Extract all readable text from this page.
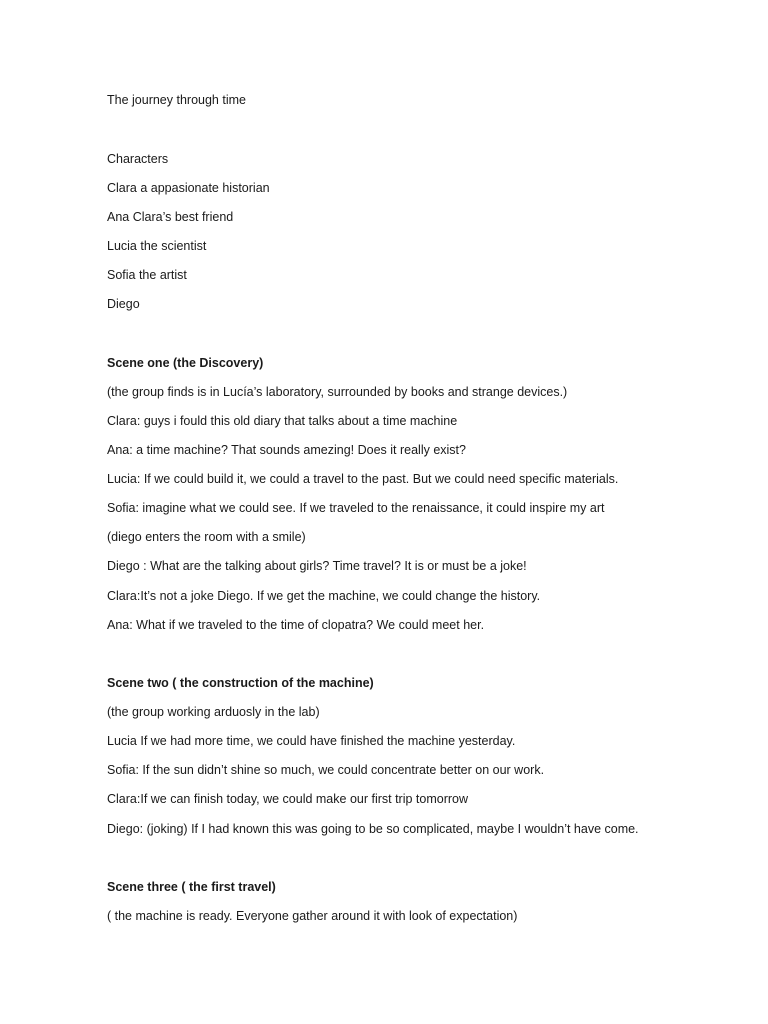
The journey through time
Characters
Clara a appasionate historian
Ana Clara’s best friend
Lucia the scientist
Sofia the artist
Diego
Scene one (the Discovery)
(the group finds is in Lucía’s laboratory, surrounded by books and strange devices.)
Clara: guys i fould this old diary that talks about a time machine
Ana: a time machine? That sounds amezing! Does it really exist?
Lucia: If we could build it, we could a travel to the past. But we could need specific materials.
Sofia: imagine what we could see. If we traveled to the renaissance, it could inspire my art
(diego enters the room with a smile)
Diego : What are the talking about girls? Time travel? It is or must be a joke!
Clara:It’s not a joke Diego. If we get the machine, we could change the history.
Ana: What if we traveled to the time of clopatra? We could meet her.
Scene two ( the construction of the machine)
(the group working arduosly in the lab)
Lucia If we had more time, we could have finished the machine yesterday.
Sofia: If the sun didn’t shine so much, we could concentrate better on our work.
Clara:If we can finish today, we could make our first trip tomorrow
Diego: (joking) If I had known this was going to be so complicated, maybe I wouldn’t have come.
Scene three ( the first travel)
( the machine is ready. Everyone gather around it with look of expectation)
